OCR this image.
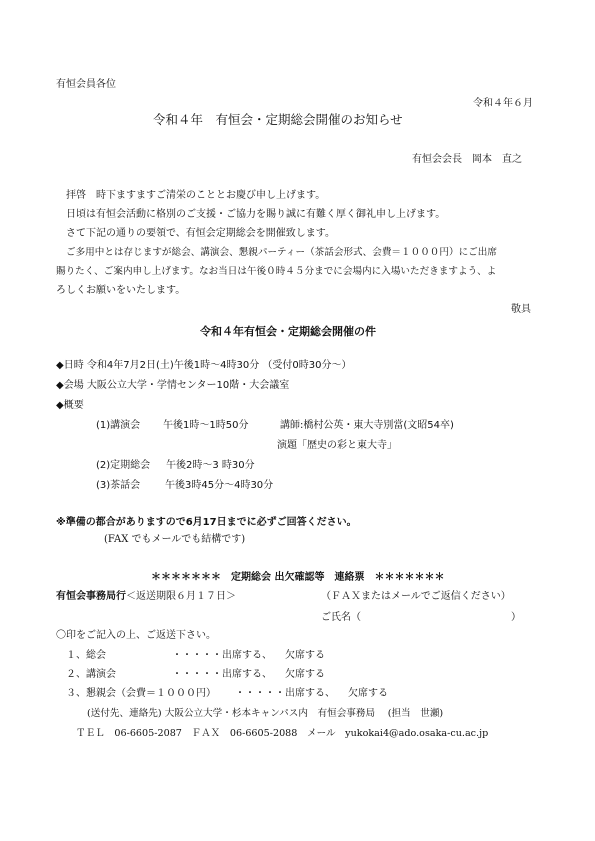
有恒会員各位
令和４年６月
令和４年　有恒会・定期総会開催のお知らせ
有恒会会長　岡本　直之
拝啓　時下ますますご清栄のこととお慶び申し上げます。
日頃は有恒会活動に格別のご支援・ご協力を賜り誠に有難く厚く御礼申し上げます。
さて下記の通りの要領で、有恒会定期総会を開催致します。
ご多用中とは存じますが総会、講演会、懇親パーティー（茶話会形式、会費＝１０００円）にご出席
賜りたく、ご案内申し上げます。なお当日は午後０時４５分までに会場内に入場いただきますよう、よ
ろしくお願いをいたします。
敬具
令和４年有恒会・定期総会開催の件
◆日時 令和4年7月2日(土)午後1時～4時30分 （受付0時30分～）
◆会場 大阪公立大学・学情センター10階・大会議室
◆概要
(1)講演会 午後1時～1時50分	講師:橋村公英・東大寺別當(文昭54卒)
演題「歴史の彩と東大寺」
(2)定期総会 午後2時～3 時30分
(3)茶話会 午後3時45分～4時30分
※準備の都合がありますので6月17日までに必ずご回答ください。
(FAX でもメールでも結構です)
＊＊＊＊＊＊＊　定期総会 出欠確認等　連絡票　＊＊＊＊＊＊＊
有恒会事務局行＜返送期限６月１７日＞	（ＦＡＸまたはメールでご返信ください）
ご氏名（	）
〇印をご記入の上、ご返送下さい。
１、総会	・・・・・出席する、 欠席する
２、講演会	・・・・・出席する、 欠席する
３、懇親会（会費＝１０００円） ・・・・・出席する、 欠席する
(送付先、連絡先) 大阪公立大学・杉本キャンパス内　有恒会事務局　 (担当　世瀬)
ＴＥＬ　06-6605-2087　ＦＡＸ　06-6605-2088　メール　yukokai4@ado.osaka-cu.ac.jp
